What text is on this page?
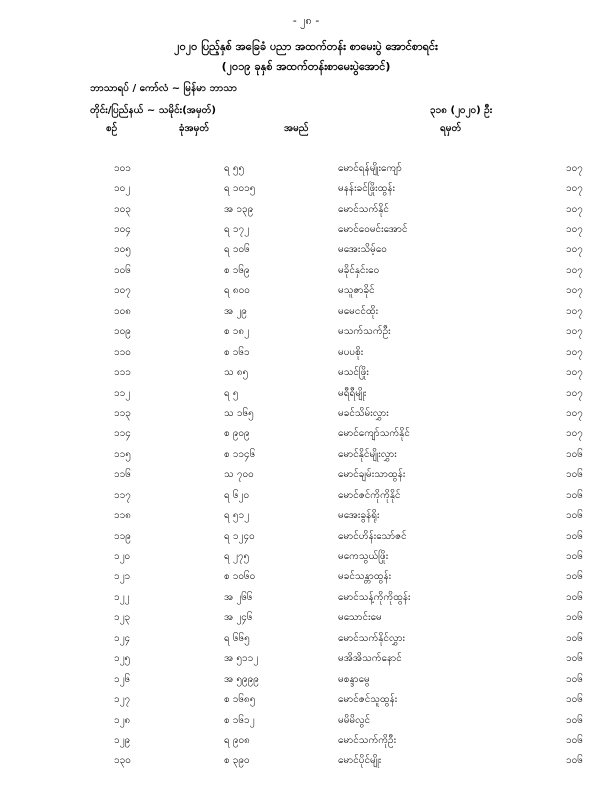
- ၂၈ -
၂၀၂၀ ပြည့်နှစ် အခြေခံ ပညာ အထက်တန်း စာမေးပွဲ အောင်စာရင်း
(၂၀၁၉ ခုနှစ် အထက်တန်းစာမေးပွဲအောင်)
ဘာသာရပ် / ကော်လံ ~ မြန်မာ ဘာသာ
တိုင်း/ပြည်နယ် ~ သမိုင်း(အမှတ်)	၃၁၈ (၂၀၂၀) ဦး
စဉ်	ခုံအမှတ်	အမည်	ရမှတ်
၁၀၁	ရ ၅၅	မောင်ရန်မျိုးကျော်	၁၀၇
၁၀၂	ရ ၁၀၁၅	မနန်းခင်ဖြိုးထွန်း	၁၀၇
၁၀၃	အ ၁၃၉	မောင်သက်နိုင်	၁၀၇
၁၀၄	ရ ၁၇၂	မောင်ဝေမင်းအောင်	၁၀၇
၁၀၅	ရ ၁၀၆	မအေးသိမ့်ဝေ	၁၀၇
၁၀၆	စ ၁၆၉	မခိုင်နှင်းဝေ	၁၀၇
၁၀၇	ရ ၈၀၀	မသူဇာခိုင်	၁၀၇
၁၀၈	အ ၂၉	မမေငင်ထိုး	၁၀၇
၁၀၉	စ ၁၈၂	မသက်သက်ဦး	၁၀၇
၁၁၀	စ ၁၆၁	မပပစိုး	၁၀၇
၁၁၁	သ ၈၅	မသင်ဖြိုး	၁၀၇
၁၁၂	ရ ၅	မရီရီမျိုး	၁၀၇
၁၁၃	သ ၁၆၅	မခင်သိမ်းလွှား	၁၀၇
၁၁၄	စ ၉၀၉	မောင်ကျော်သက်နိုင်	၁၀၇
၁၁၅	စ ၁၁၄၆	မောင်နိုင်မျိုးလွှား	၁၀၆
၁၁၆	သ ၇၀၀	မောင်ချမ်းသာထွန်း	၁၀၆
၁၁၇	ရ ၆၂၀	မောင်ဇင်ကိုကိုနိုင်	၁၀၆
၁၁၈	ရ ၅၁၂	မအေးခွန်ရိုး	၁၀၆
၁၁၉	ရ ၁၂၄၀	မောင်ဟိန်းသော်ဇင်	၁၀၆
၁၂၀	ရ ၂၇၅	မကေသွယ်ဖြိုး	၁၀၆
၁၂၁	စ ၁၀၆၀	မခင်သန္တာထွန်း	၁၀၆
၁၂၂	အ ၂၆၆	မောင်သန့်ကိုကိုထွန်း	၁၀၆
၁၂၃	အ ၂၄၆	မသောင်းမေ	၁၀၆
၁၂၄	ရ ၆၆၅	မောင်သက်နိုင်လွှား	၁၀၆
၁၂၅	အ ၅၁၁၂	မအိအိသက်နောင်	၁၀၆
၁၂၆	အ ၅၉၉၉	မစန္ဒာမွေ	၁၀၆
၁၂၇	စ ၁၆၈၅	မောင်ဇင်သူထွန်း	၁၀၆
၁၂၈	စ ၁၆၁၂	မမိမိလွင်	၁၀၆
၁၂၉	ရ ၉၀၈	မောင်သက်ကိုဦး	၁၀၆
၁၃၀	စ ၃၉၀	မောင်ပိုင်မျိုး	၁၀၆
